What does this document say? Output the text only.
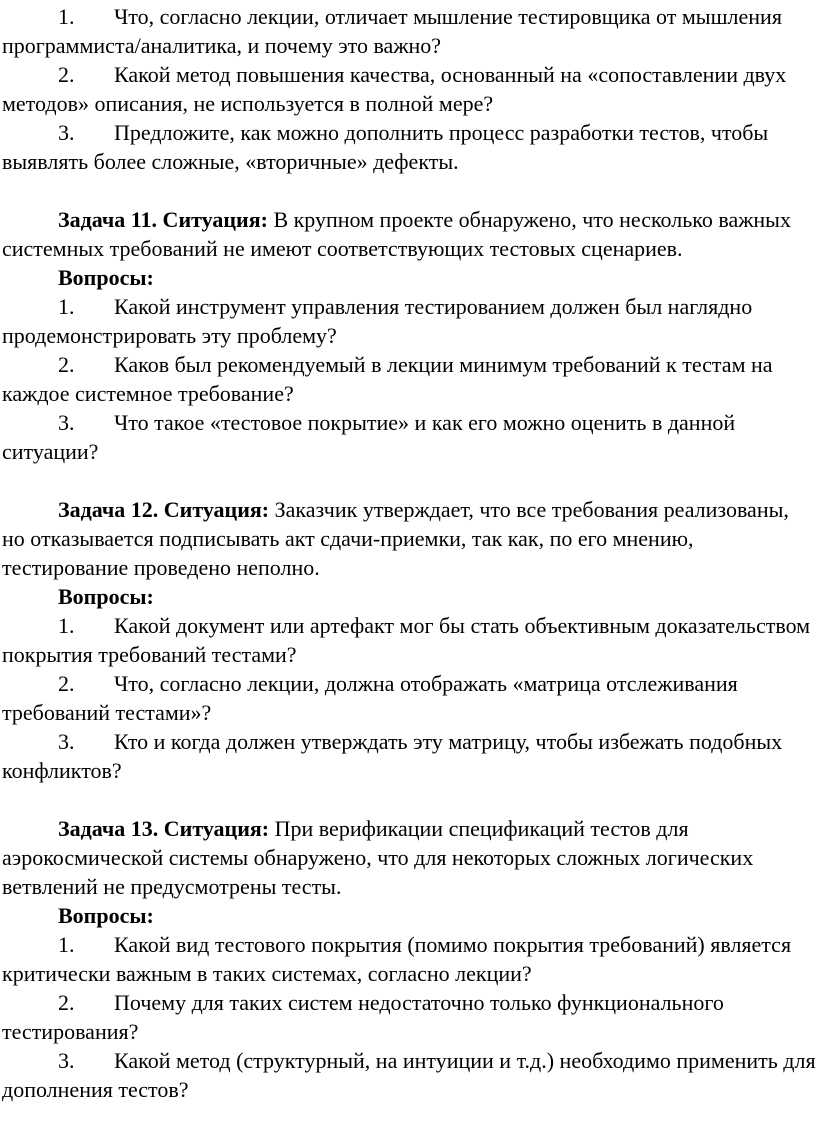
1. Что, согласно лекции, отличает мышление тестировщика от мышления программиста/аналитика, и почему это важно?

2. Какой метод повышения качества, основанный на «сопоставлении двух методов» описания, не используется в полной мере?

3. Предложите, как можно дополнить процесс разработки тестов, чтобы выявлять более сложные, «вторичные» дефекты.

Задача 11. Ситуация: В крупном проекте обнаружено, что несколько важных системных требований не имеют соответствующих тестовых сценариев.

Вопросы:

1. Какой инструмент управления тестированием должен был наглядно продемонстрировать эту проблему?

2. Каков был рекомендуемый в лекции минимум требований к тестам на каждое системное требование?

3. Что такое «тестовое покрытие» и как его можно оценить в данной ситуации?

Задача 12. Ситуация: Заказчик утверждает, что все требования реализованы, но отказывается подписывать акт сдачи-приемки, так как, по его мнению, тестирование проведено неполно.

Вопросы:

1. Какой документ или артефакт мог бы стать объективным доказательством покрытия требований тестами?

2. Что, согласно лекции, должна отображать «матрица отслеживания требований тестами»?

3. Кто и когда должен утверждать эту матрицу, чтобы избежать подобных конфликтов?

Задача 13. Ситуация: При верификации спецификаций тестов для аэрокосмической системы обнаружено, что для некоторых сложных логических ветвлений не предусмотрены тесты.

Вопросы:

1. Какой вид тестового покрытия (помимо покрытия требований) является критически важным в таких системах, согласно лекции?

2. Почему для таких систем недостаточно только функционального тестирования?

3. Какой метод (структурный, на интуиции и т.д.) необходимо применить для дополнения тестов?
